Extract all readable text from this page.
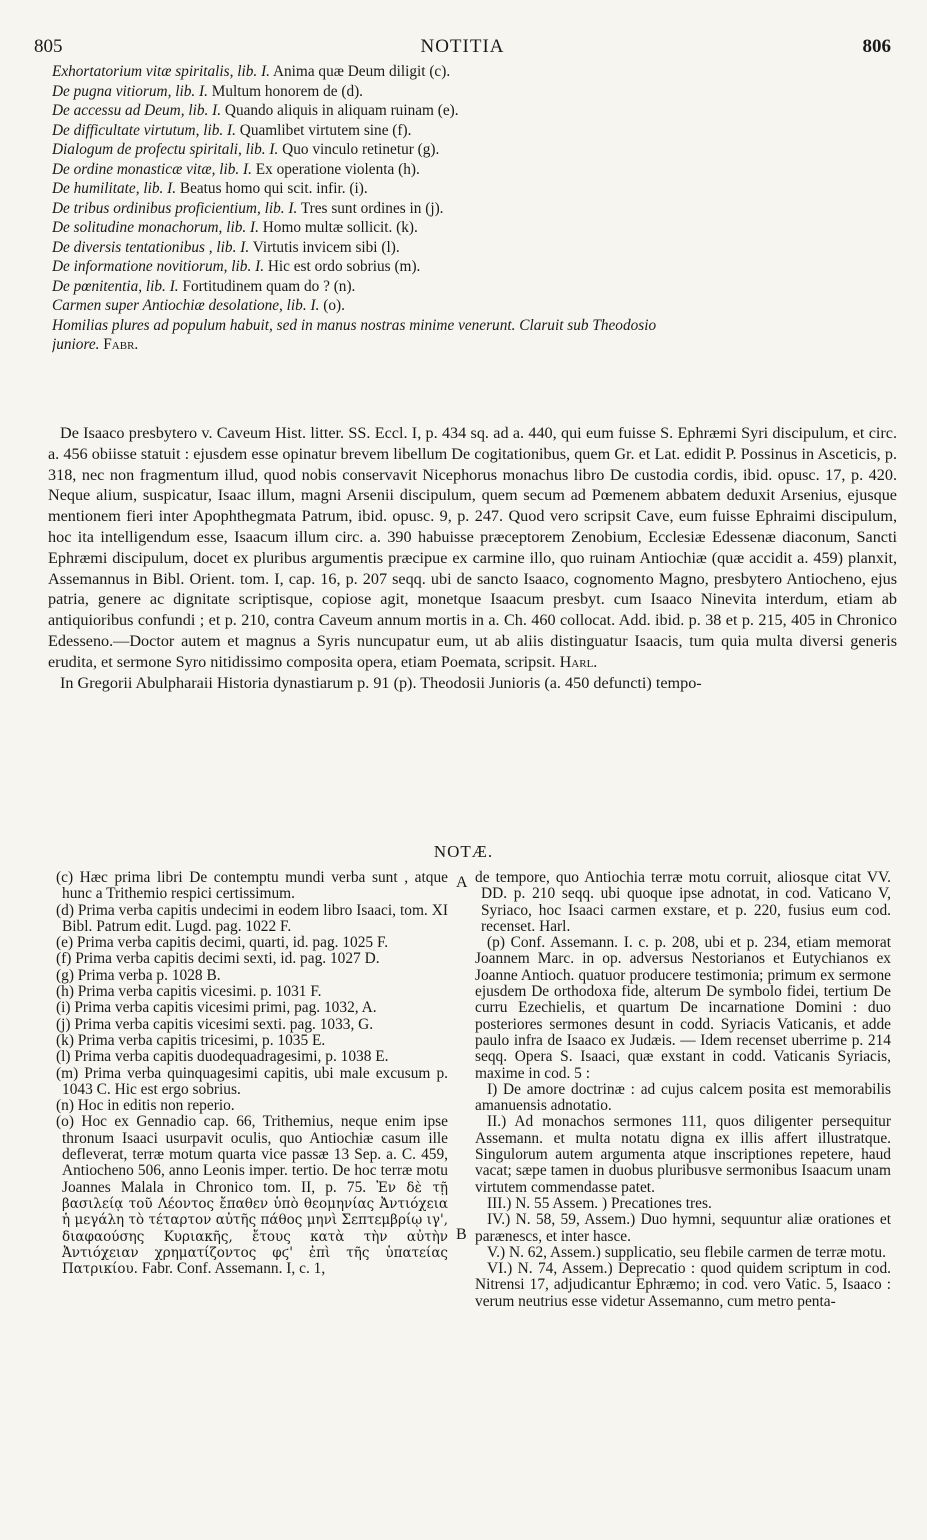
805	NOTITIA	806
Exhortatorium vitæ spiritalis, lib. I. Anima quæ Deum diligit (c).
De pugna vitiorum, lib. I. Multum honorem de (d).
De accessu ad Deum, lib. I. Quando aliquis in aliquam ruinam (e).
De difficultate virtutum, lib. I. Quamlibet virtutem sine (f).
Dialogum de profectu spiritali, lib. I. Quo vinculo retinetur (g).
De ordine monasticæ vitæ, lib. I. Ex operatione violenta (h).
De humilitate, lib. I. Beatus homo qui scit. infir. (i).
De tribus ordinibus proficientium, lib. I. Tres sunt ordines in (j).
De solitudine monachorum, lib. I. Homo multæ sollicit. (k).
De diversis tentationibus , lib. I. Virtutis invicem sibi (l).
De informatione novitiorum, lib. I. Hic est ordo sobrius (m).
De pœnitentia, lib. I. Fortitudinem quam do ? (n).
Carmen super Antiochiæ desolatione, lib. I. (o).
Homilias plures ad populum habuit, sed in manus nostras minime venerunt. Claruit sub Theodosio
juniore. Fabr.

De Isaaco presbytero v. Caveum Hist. litter. SS. Eccl. I, p. 434 sq. ad a. 440, qui eum fuisse S. Ephræmi Syri discipulum, et circ. a. 456 obiisse statuit : ejusdem esse opinatur brevem libellum De cogitationibus, quem Gr. et Lat. edidit P. Possinus in Asceticis, p. 318, nec non fragmentum illud, quod nobis conservavit Nicephorus monachus libro De custodia cordis, ibid. opusc. 17, p. 420. Neque alium, suspicatur, Isaac illum, magni Arsenii discipulum, quem secum ad Pœmenem abbatem deduxit Arsenius, ejusque mentionem fieri inter Apophthegmata Patrum, ibid. opusc. 9, p. 247. Quod vero scripsit Cave, eum fuisse Ephraimi discipulum, hoc ita intelligendum esse, Isaacum illum circ. a. 390 habuisse præceptorem Zenobium, Ecclesiæ Edessenæ diaconum, Sancti Ephræmi discipulum, docet ex pluribus argumentis præcipue ex carmine illo, quo ruinam Antiochiæ (quæ accidit a. 459) planxit, Assemannus in Bibl. Orient. tom. I, cap. 16, p. 207 seqq. ubi de sancto Isaaco, cognomento Magno, presbytero Antiocheno, ejus patria, genere ac dignitate scriptisque, copiose agit, monetque Isaacum presbyt. cum Isaaco Ninevita interdum, etiam ab antiquioribus confundi ; et p. 210, contra Caveum annum mortis in a. Ch. 460 collocat. Add. ibid. p. 38 et p. 215, 405 in Chronico Edesseno.—Doctor autem et magnus a Syris nuncupatur eum, ut ab aliis distinguatur Isaacis, tum quia multa diversi generis erudita, et sermone Syro nitidissimo composita opera, etiam Poemata, scripsit. Harl.

In Gregorii Abulpharaii Historia dynastiarum p. 91 (p). Theodosii Junioris (a. 450 defuncti) tempo-

NOTÆ.
A
B

(c) Hæc prima libri De contemptu mundi verba sunt , atque hunc a Trithemio respici certissimum.

(d) Prima verba capitis undecimi in eodem libro Isaaci, tom. XI Bibl. Patrum edit. Lugd. pag. 1022 F.

(e) Prima verba capitis decimi, quarti, id. pag. 1025 F.

(f) Prima verba capitis decimi sexti, id. pag. 1027 D.

(g) Prima verba p. 1028 B.

(h) Prima verba capitis vicesimi. p. 1031 F.

(i) Prima verba capitis vicesimi primi, pag. 1032, A.

(j) Prima verba capitis vicesimi sexti. pag. 1033, G.

(k) Prima verba capitis tricesimi, p. 1035 E.

(l) Prima verba capitis duodequadragesimi, p. 1038 E.

(m) Prima verba quinquagesimi capitis, ubi male excusum p. 1043 C. Hic est ergo sobrius.

(n) Hoc in editis non reperio.

(o) Hoc ex Gennadio cap. 66, Trithemius, neque enim ipse thronum Isaaci usurpavit oculis, quo Antiochiæ casum ille defleverat, terræ motum quarta vice passæ 13 Sep. a. C. 459, Antiocheno 506, anno Leonis imper. tertio. De hoc terræ motu Joannes Malala in Chronico tom. II, p. 75. Ἐν δὲ τῇ βασιλείᾳ τοῦ Λέοντος ἔπαθεν ὑπὸ θεομηνίας Ἀντιόχεια ἡ μεγάλη τὸ τέταρτον αὐτῆς πάθος μηνὶ Σεπτεμβρίῳ ιγ', διαφαούσης Κυριακῆς, ἔτους κατὰ τὴν αὐτὴν Ἀντιόχειαν χρηματίζοντος φϛ' ἐπὶ τῆς ὑπατείας Πατρικίου. Fabr. Conf. Assemann. I, c. 1,

de tempore, quo Antiochia terræ motu corruit, aliosque citat VV. DD. p. 210 seqq. ubi quoque ipse adnotat, in cod. Vaticano V, Syriaco, hoc Isaaci carmen exstare, et p. 220, fusius eum cod. recenset. Harl.

(p) Conf. Assemann. I. c. p. 208, ubi et p. 234, etiam memorat Joannem Marc. in op. adversus Nestorianos et Eutychianos ex Joanne Antioch. quatuor producere testimonia; primum ex sermone ejusdem De orthodoxa fide, alterum De symbolo fidei, tertium De curru Ezechielis, et quartum De incarnatione Domini : duo posteriores sermones desunt in codd. Syriacis Vaticanis, et adde paulo infra de Isaaco ex Judæis. — Idem recenset uberrime p. 214 seqq. Opera S. Isaaci, quæ exstant in codd. Vaticanis Syriacis, maxime in cod. 5 :

I) De amore doctrinæ : ad cujus calcem posita est memorabilis amanuensis adnotatio.

II.) Ad monachos sermones 111, quos diligenter persequitur Assemann. et multa notatu digna ex illis affert illustratque. Singulorum autem argumenta atque inscriptiones repetere, haud vacat; sæpe tamen in duobus pluribusve sermonibus Isaacum unam virtutem commendasse patet.

III.) N. 55 Assem. ) Precationes tres.

IV.) N. 58, 59, Assem.) Duo hymni, sequuntur aliæ orationes et parænescs, et inter hasce.

V.) N. 62, Assem.) supplicatio, seu flebile carmen de terræ motu.

VI.) N. 74, Assem.) Deprecatio : quod quidem scriptum in cod. Nitrensi 17, adjudicantur Ephræmo; in cod. vero Vatic. 5, Isaaco : verum neutrius esse videtur Assemanno, cum metro penta-
